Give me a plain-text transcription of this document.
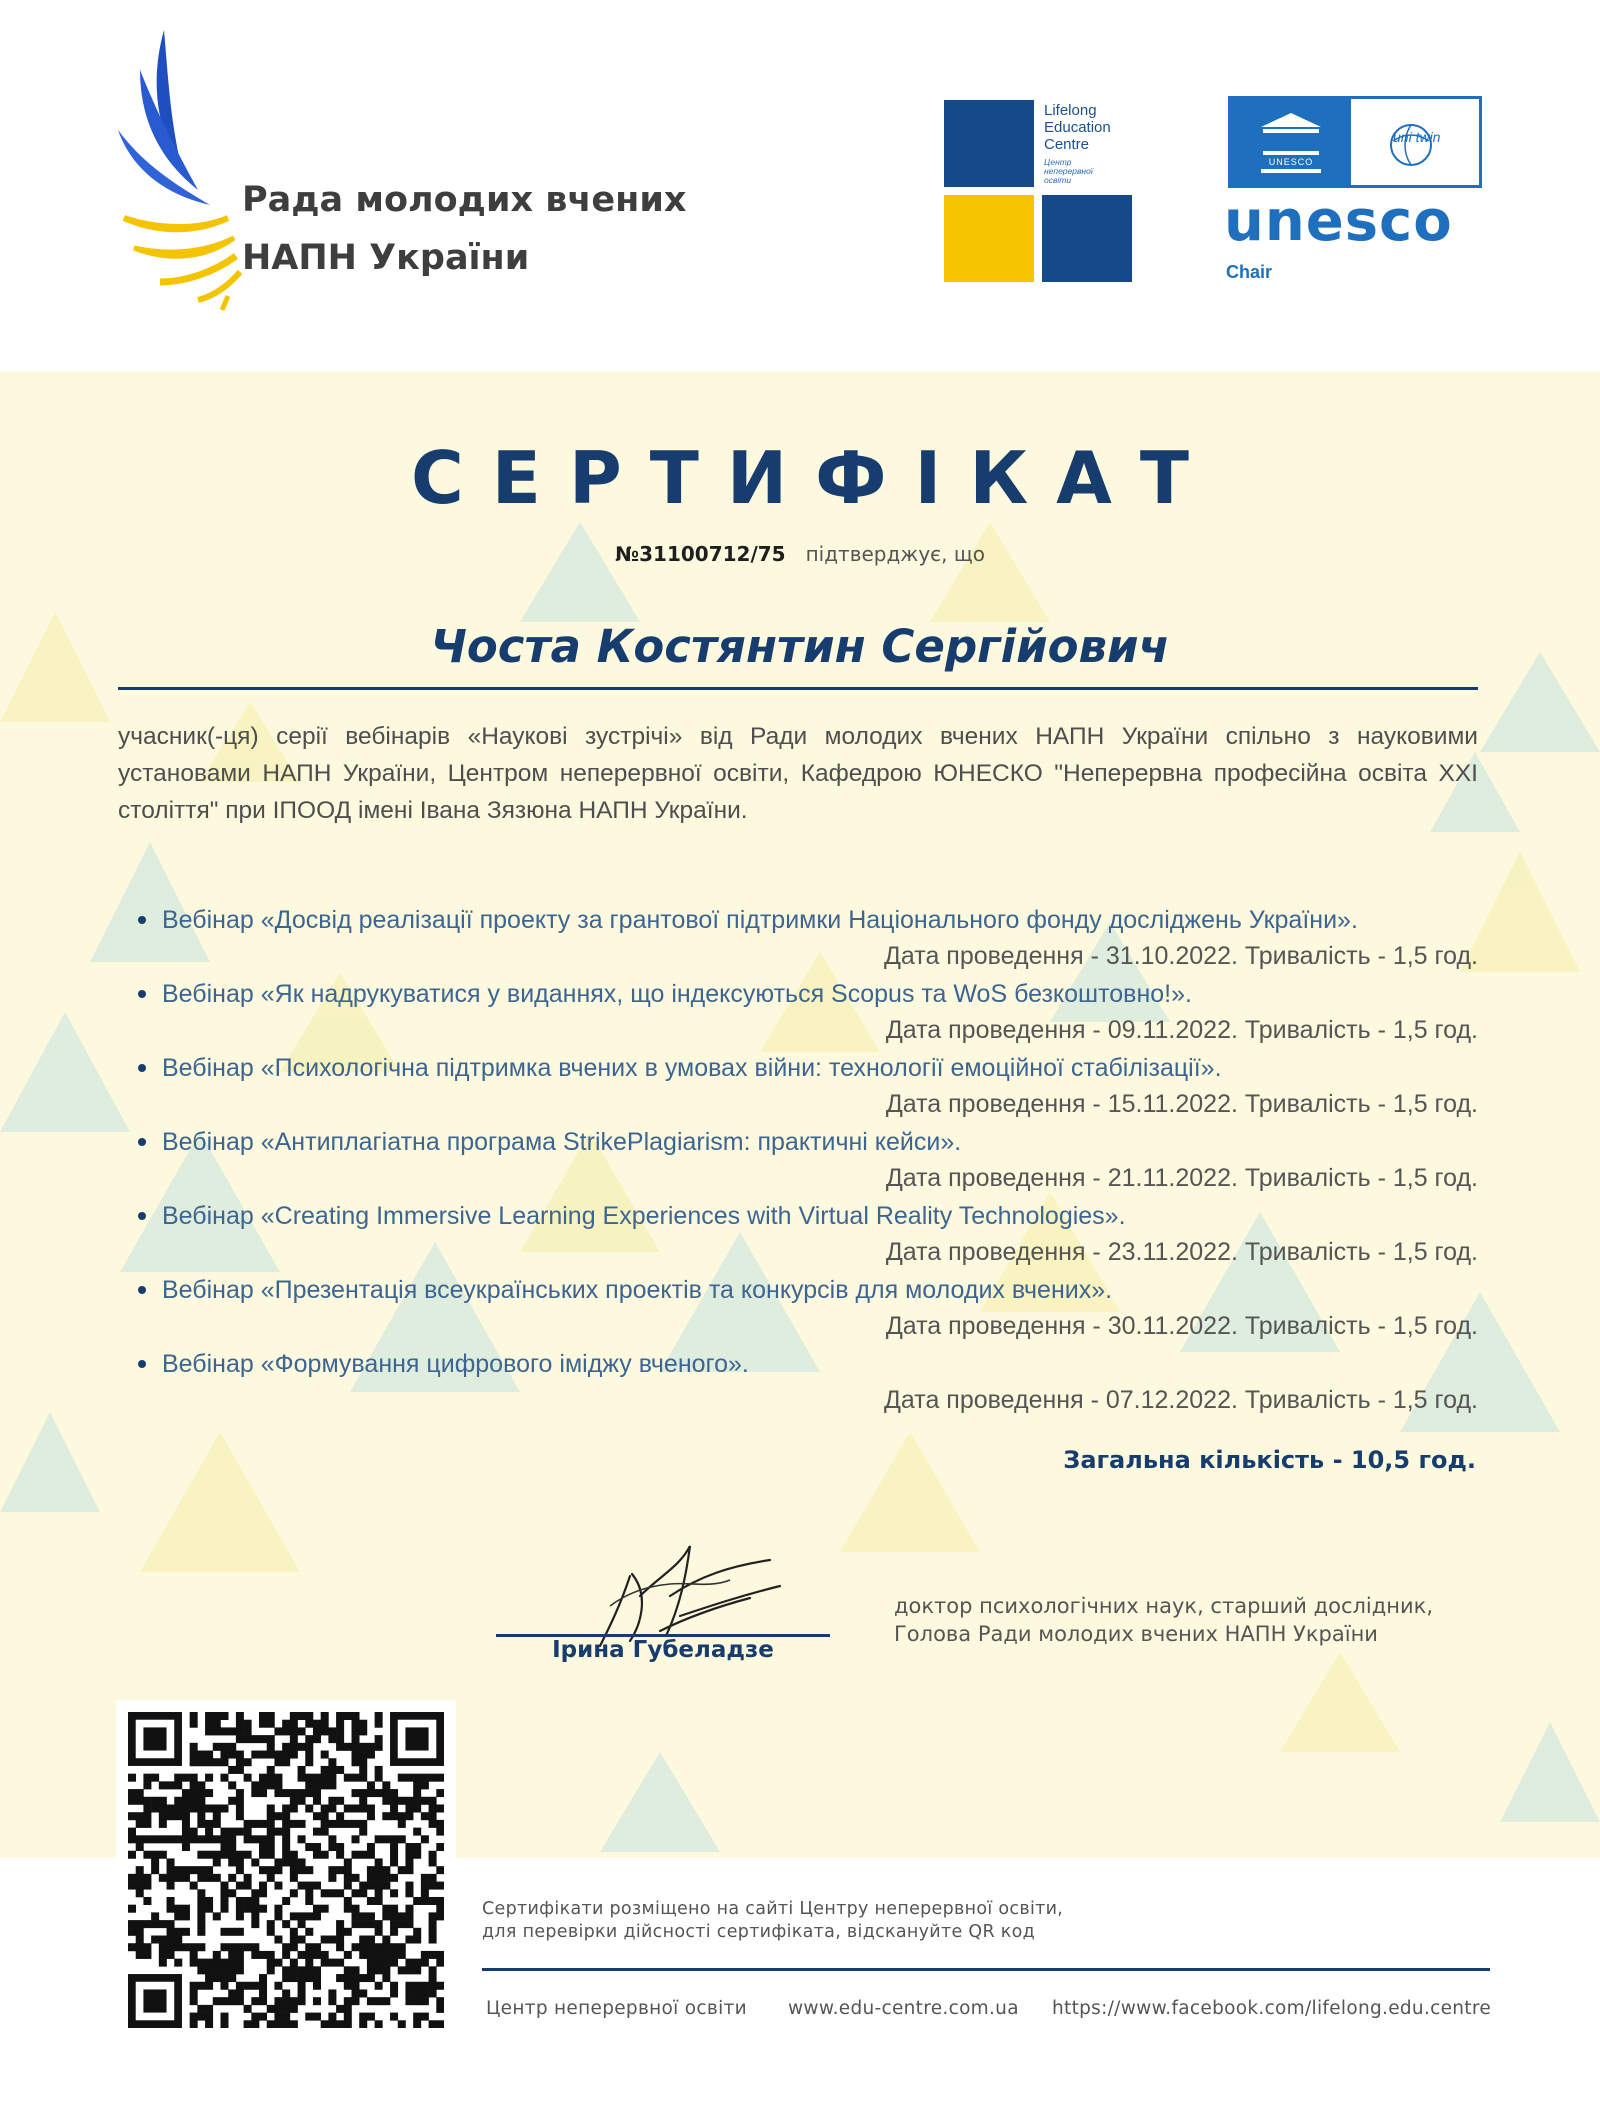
Рада молодих вчених
НАПН України
Lifelong
Education
Centre
Центр
неперервної
освіти
UNESCO
uni twin
unesco
Chair
СЕРТИФІКАТ
№31100712/75 підтверджує, що
Чоста Костянтин Сергійович
учасник(-ця) серії вебінарів «Наукові зустрічі» від Ради молодих вчених НАПН України спільно з науковими установами НАПН України, Центром неперервної освіти, Кафедрою ЮНЕСКО "Неперервна професійна освіта XXI століття" при ІПООД імені Івана Зязюна НАПН України.
Вебінар «Досвід реалізації проекту за грантової підтримки Національного фонду досліджень України».
Дата проведення - 31.10.2022. Тривалість - 1,5 год.
Вебінар «Як надрукуватися у виданнях, що індексуються Scopus та WoS безкоштовно!».
Дата проведення - 09.11.2022. Тривалість - 1,5 год.
Вебінар «Психологічна підтримка вчених в умовах війни: технології емоційної стабілізації».
Дата проведення - 15.11.2022. Тривалість - 1,5 год.
Вебінар «Антиплагіатна програма StrikePlagiarism: практичні кейси».
Дата проведення - 21.11.2022. Тривалість - 1,5 год.
Вебінар «Creating Immersive Learning Experiences with Virtual Reality Technologies».
Дата проведення - 23.11.2022. Тривалість - 1,5 год.
Вебінар «Презентація всеукраїнських проектів та конкурсів для молодих вчених».
Дата проведення - 30.11.2022. Тривалість - 1,5 год.
Вебінар «Формування цифрового іміджу вченого».
Дата проведення - 07.12.2022. Тривалість - 1,5 год.
Загальна кількість - 10,5 год.
Ірина Губеладзе
доктор психологічних наук, старший дослідник,
Голова Ради молодих вчених НАПН України
Сертифікати розміщено на сайті Центру неперервної освіти,
для перевірки дійсності сертифіката, відскануйте QR код
Центр неперервної освіти www.edu-centre.com.ua https://www.facebook.com/lifelong.edu.centre
